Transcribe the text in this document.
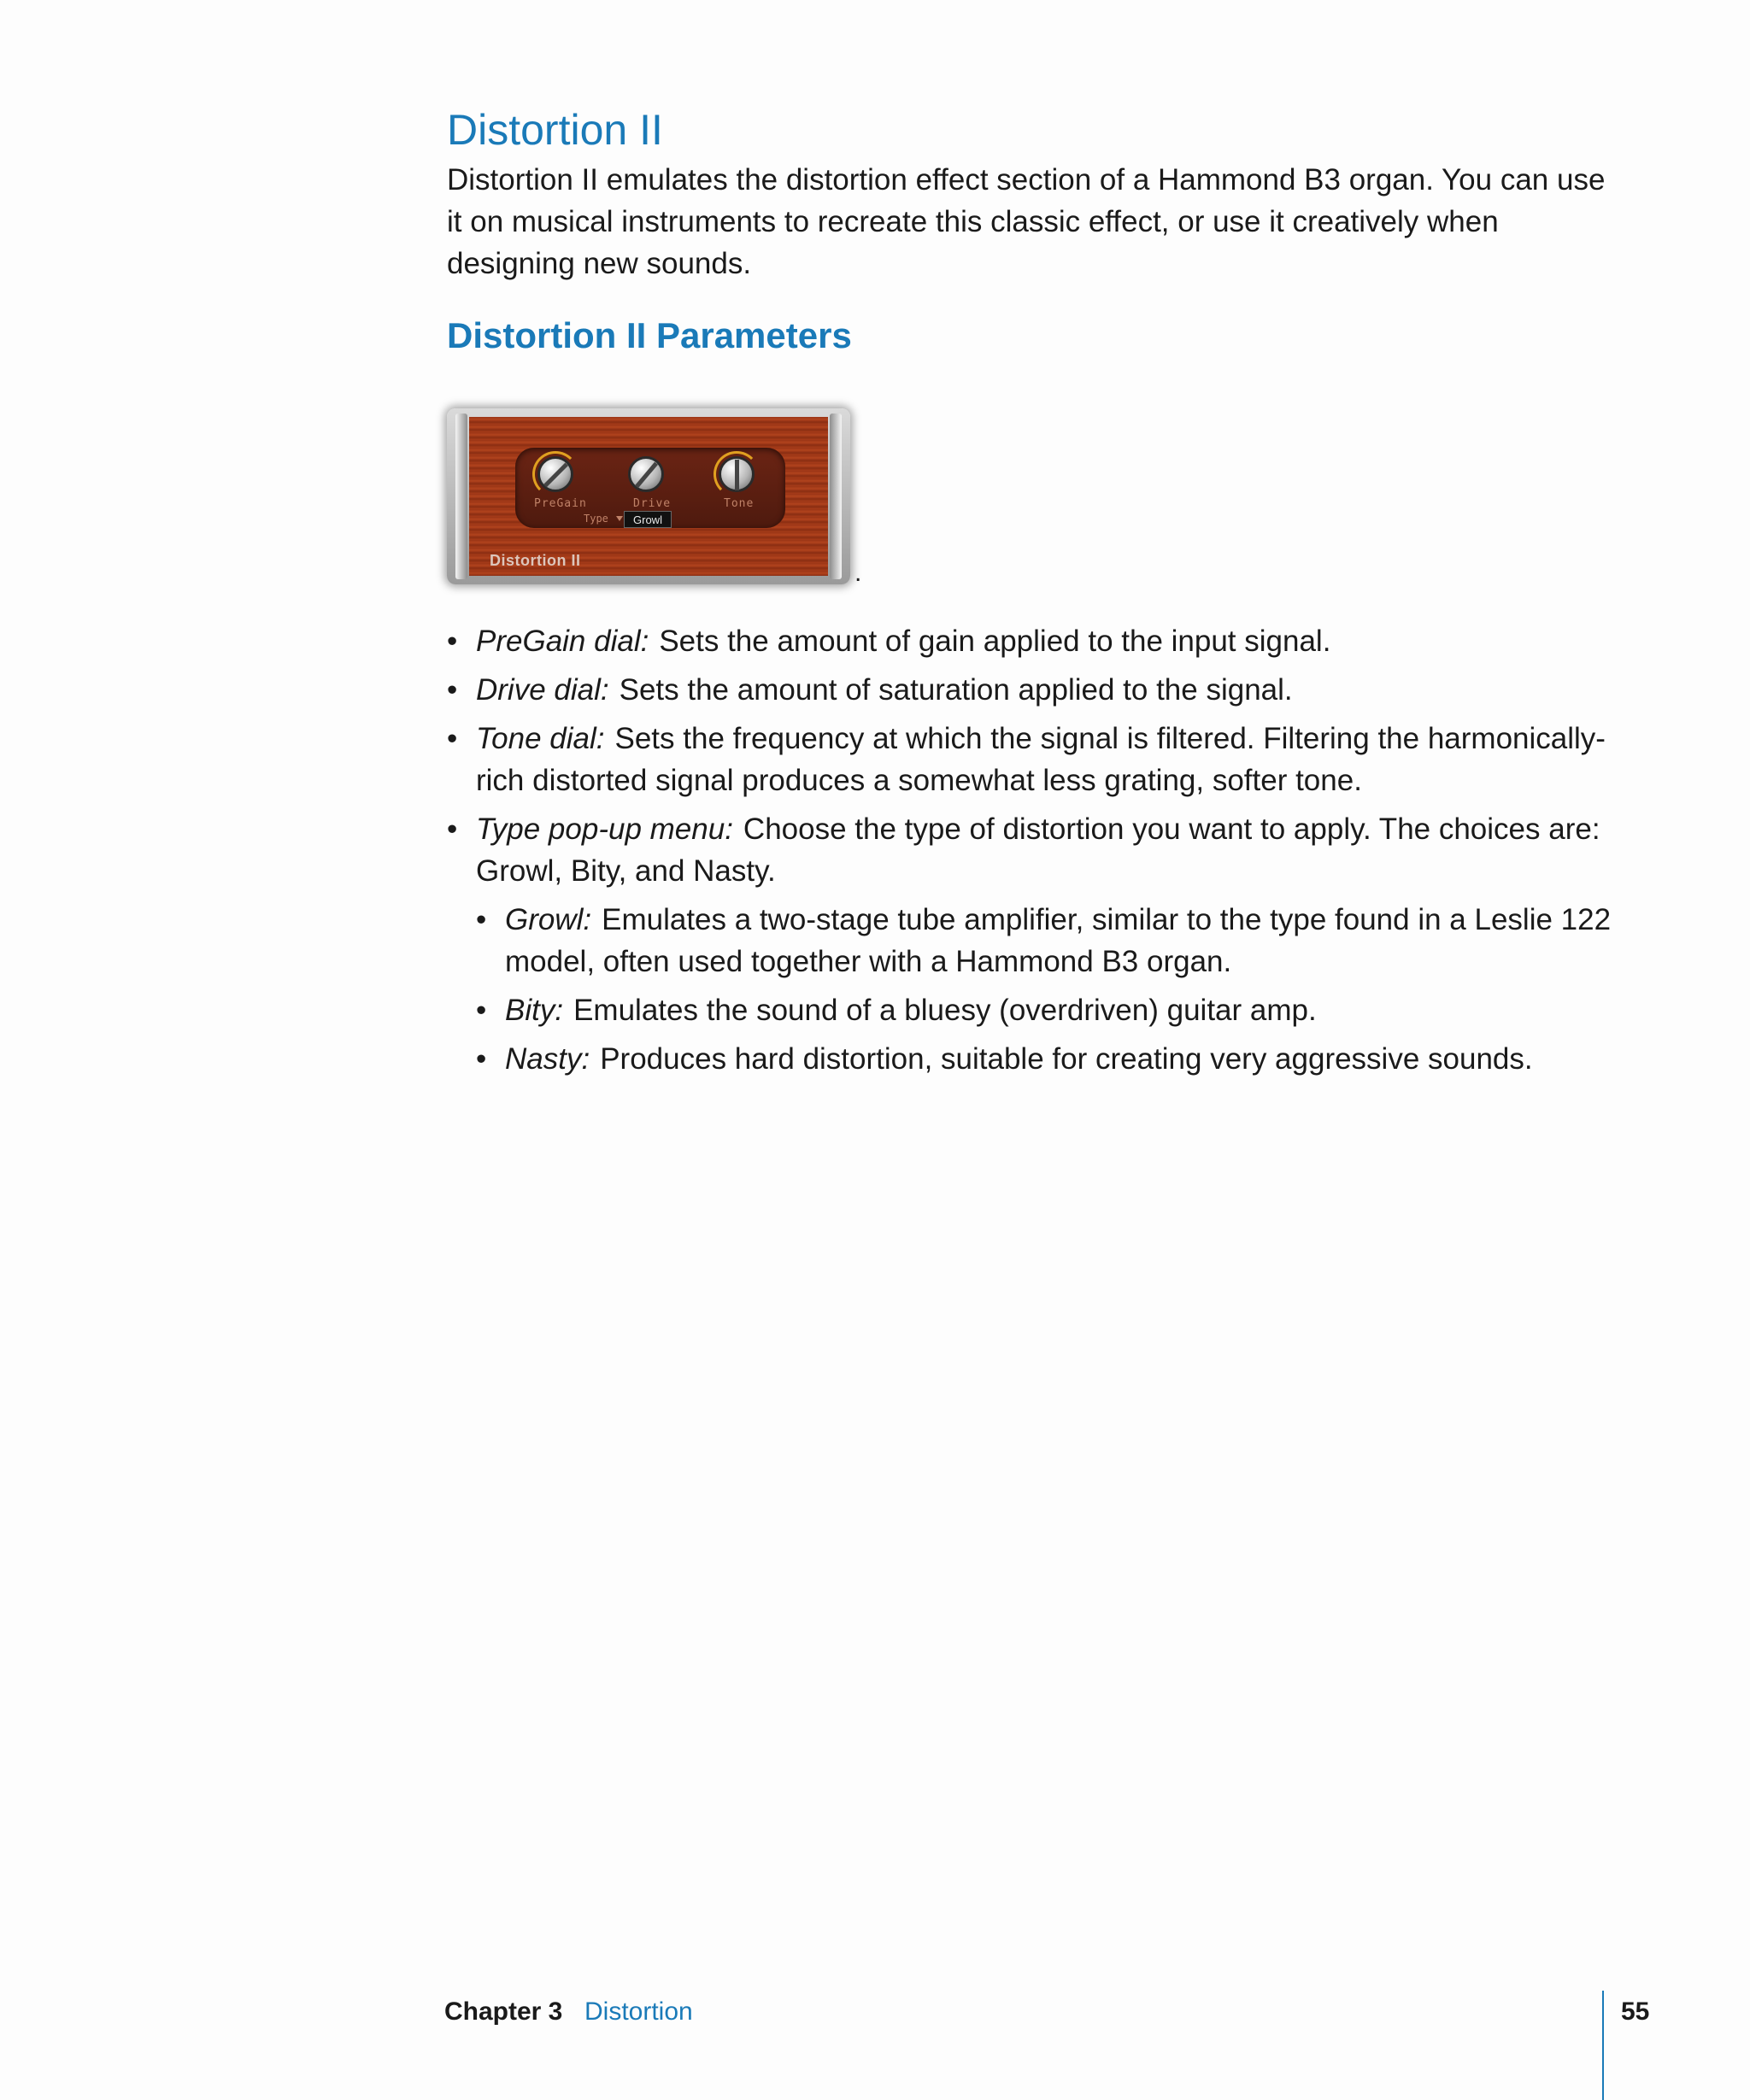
Distortion II

Distortion II emulates the distortion effect section of a Hammond B3 organ. You can use it on musical instruments to recreate this classic effect, or use it creatively when designing new sounds.

Distortion II Parameters
PreGain	Drive	Tone
Type	Growl
Distortion II	.
• PreGain dial: Sets the amount of gain applied to the input signal.
• Drive dial: Sets the amount of saturation applied to the signal.
• Tone dial: Sets the frequency at which the signal is filtered. Filtering the harmonically-rich distorted signal produces a somewhat less grating, softer tone.
• Type pop-up menu: Choose the type of distortion you want to apply. The choices are: Growl, Bity, and Nasty.
• Growl: Emulates a two-stage tube amplifier, similar to the type found in a Leslie 122 model, often used together with a Hammond B3 organ.
• Bity: Emulates the sound of a bluesy (overdriven) guitar amp.
• Nasty: Produces hard distortion, suitable for creating very aggressive sounds.
Chapter 3 Distortion	55
